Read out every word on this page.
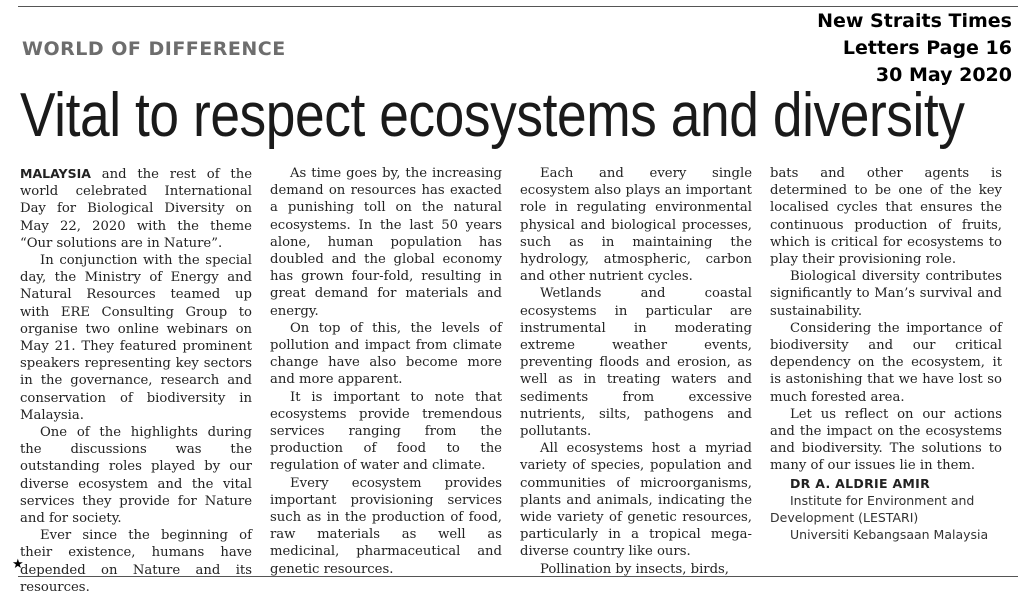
WORLD OF DIFFERENCE
New Straits Times
Letters Page 16
30 May 2020
Vital to respect ecosystems and diversity

MALAYSIA and the rest of the world celebrated International Day for Biological Diversity on May 22, 2020 with the theme “Our solutions are in Nature”.

In conjunction with the special day, the Ministry of Energy and Natural Resources teamed up with ERE Consulting Group to organise two online webinars on May 21. They featured prominent speakers representing key sectors in the governance, research and conservation of biodiversity in Malaysia.

One of the highlights during the discussions was the outstanding roles played by our diverse ecosystem and the vital services they provide for Nature and for society.

Ever since the beginning of their existence, humans have depended on Nature and its resources.

As time goes by, the increasing demand on resources has exacted a punishing toll on the natural ecosystems. In the last 50 years alone, human population has doubled and the global economy has grown four-fold, resulting in great demand for materials and energy.

On top of this, the levels of pollution and impact from climate change have also become more and more apparent.

It is important to note that ecosystems provide tremendous services ranging from the production of food to the regulation of water and climate.

Every ecosystem provides important provisioning services such as in the production of food, raw materials as well as medicinal, pharmaceutical and genetic resources.

Each and every single ecosystem also plays an important role in regulating environmental physical and biological processes, such as in maintaining the hydrology, atmospheric, carbon and other nutrient cycles.

Wetlands and coastal ecosystems in particular are instrumental in moderating extreme weather events, preventing floods and erosion, as well as in treating waters and sediments from excessive nutrients, silts, pathogens and pollutants.

All ecosystems host a myriad variety of species, population and communities of microorganisms, plants and animals, indicating the wide variety of genetic resources, particularly in a tropical mega-diverse country like ours.

Pollination by insects, birds,

bats and other agents is determined to be one of the key localised cycles that ensures the continuous production of fruits, which is critical for ecosystems to play their provisioning role.

Biological diversity contributes significantly to Man’s survival and sustainability.

Considering the importance of biodiversity and our critical dependency on the ecosystem, it is astonishing that we have lost so much forested area.

Let us reflect on our actions and the impact on the ecosystems and biodiversity. The solutions to many of our issues lie in them.

DR A. ALDRIE AMIR

Institute for Environment and Development (LESTARI)

Universiti Kebangsaan Malaysia

★
